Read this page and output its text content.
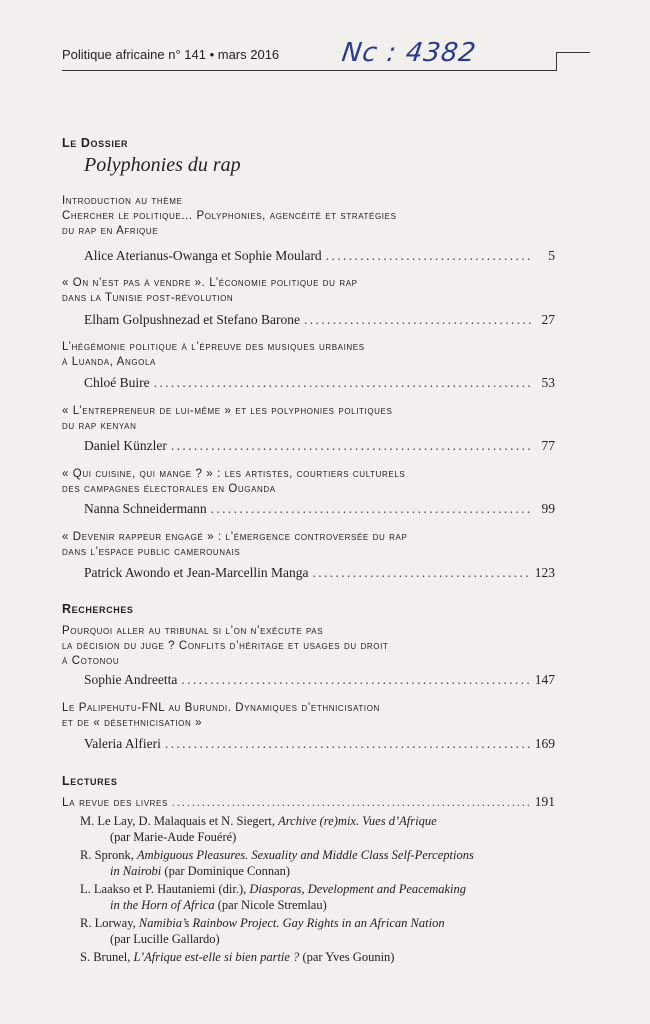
Politique africaine n° 141 • mars 2016 Nc : 4382
Le Dossier
Polyphonies du rap
Introduction au thème
Chercher le politique... Polyphonies, agencéité et stratégies
du rap en Afrique
Alice Aterianus-Owanga et Sophie Moulard . . .	5
« On n’est pas à vendre ». L’économie politique du rap
dans la Tunisie post-révolution
Elham Golpushnezad et Stefano Barone . . .	27
L’hégémonie politique à l’épreuve des musiques urbaines
à Luanda, Angola
Chloé Buire . . .	53
« L’entrepreneur de lui-même » et les polyphonies politiques
du rap kenyan
Daniel Künzler . . .	77
« Qui cuisine, qui mange ? » : les artistes, courtiers culturels
des campagnes électorales en Ouganda
Nanna Schneidermann . . .	99
« Devenir rappeur engagé » : l’émergence controversée du rap
dans l’espace public camerounais
Patrick Awondo et Jean-Marcellin Manga . . .	123
Recherches
Pourquoi aller au tribunal si l’on n’exécute pas
la décision du juge ? Conflits d’héritage et usages du droit
à Cotonou
Sophie Andreetta . . .	147
Le Palipehutu-FNL au Burundi. Dynamiques d’ethnicisation
et de « désethnicisation »
Valeria Alfieri . . .	169
Lectures
La revue des livres . . .	191
M. Le Lay, D. Malaquais et N. Siegert, Archive (re)mix. Vues d’Afrique
(par Marie-Aude Fouéré)
R. Spronk, Ambiguous Pleasures. Sexuality and Middle Class Self-Perceptions
in Nairobi (par Dominique Connan)
L. Laakso et P. Hautaniemi (dir.), Diasporas, Development and Peacemaking
in the Horn of Africa (par Nicole Stremlau)
R. Lorway, Namibia’s Rainbow Project. Gay Rights in an African Nation
(par Lucille Gallardo)
S. Brunel, L’Afrique est-elle si bien partie ? (par Yves Gounin)
